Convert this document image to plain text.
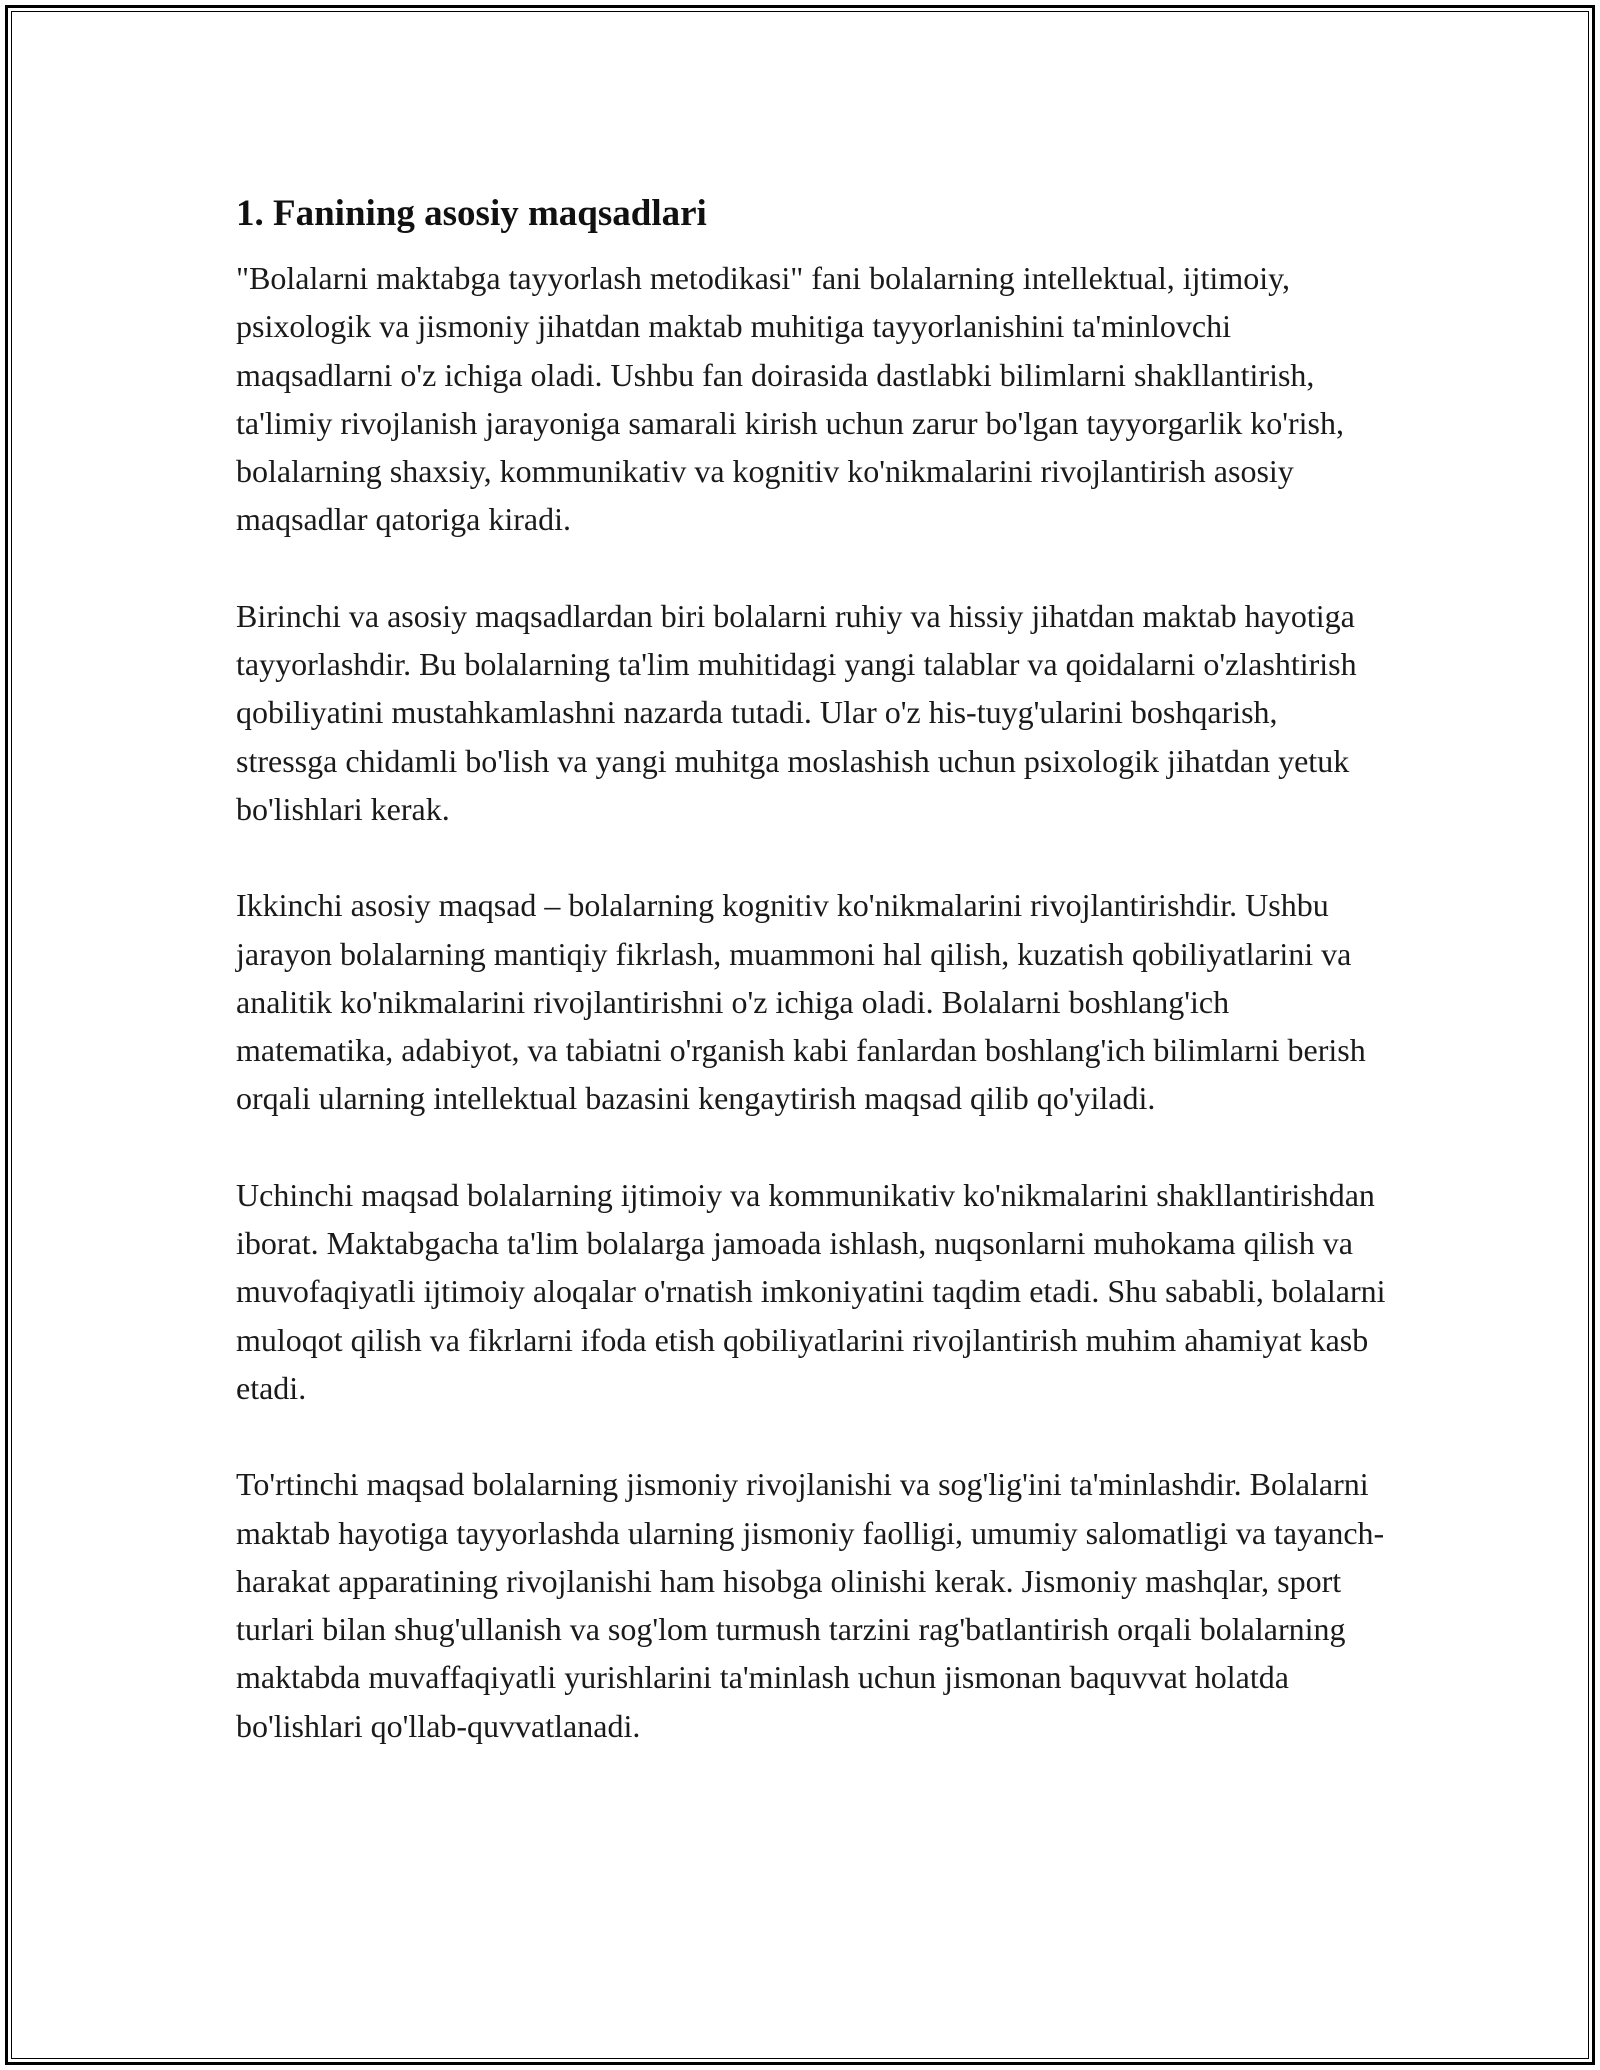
1. Fanining asosiy maqsadlari

"Bolalarni maktabga tayyorlash metodikasi" fani bolalarning intellektual, ijtimoiy, psixologik va jismoniy jihatdan maktab muhitiga tayyorlanishini ta'minlovchi maqsadlarni o'z ichiga oladi. Ushbu fan doirasida dastlabki bilimlarni shakllantirish, ta'limiy rivojlanish jarayoniga samarali kirish uchun zarur bo'lgan tayyorgarlik ko'rish, bolalarning shaxsiy, kommunikativ va kognitiv ko'nikmalarini rivojlantirish asosiy maqsadlar qatoriga kiradi.

Birinchi va asosiy maqsadlardan biri bolalarni ruhiy va hissiy jihatdan maktab hayotiga tayyorlashdir. Bu bolalarning ta'lim muhitidagi yangi talablar va qoidalarni o'zlashtirish qobiliyatini mustahkamlashni nazarda tutadi. Ular o'z his-tuyg'ularini boshqarish, stressga chidamli bo'lish va yangi muhitga moslashish uchun psixologik jihatdan yetuk bo'lishlari kerak.

Ikkinchi asosiy maqsad – bolalarning kognitiv ko'nikmalarini rivojlantirishdir. Ushbu jarayon bolalarning mantiqiy fikrlash, muammoni hal qilish, kuzatish qobiliyatlarini va analitik ko'nikmalarini rivojlantirishni o'z ichiga oladi. Bolalarni boshlang'ich matematika, adabiyot, va tabiatni o'rganish kabi fanlardan boshlang'ich bilimlarni berish orqali ularning intellektual bazasini kengaytirish maqsad qilib qo'yiladi.

Uchinchi maqsad bolalarning ijtimoiy va kommunikativ ko'nikmalarini shakllantirishdan iborat. Maktabgacha ta'lim bolalarga jamoada ishlash, nuqsonlarni muhokama qilish va muvofaqiyatli ijtimoiy aloqalar o'rnatish imkoniyatini taqdim etadi. Shu sababli, bolalarni muloqot qilish va fikrlarni ifoda etish qobiliyatlarini rivojlantirish muhim ahamiyat kasb etadi.

To'rtinchi maqsad bolalarning jismoniy rivojlanishi va sog'lig'ini ta'minlashdir. Bolalarni maktab hayotiga tayyorlashda ularning jismoniy faolligi, umumiy salomatligi va tayanch-harakat apparatining rivojlanishi ham hisobga olinishi kerak. Jismoniy mashqlar, sport turlari bilan shug'ullanish va sog'lom turmush tarzini rag'batlantirish orqali bolalarning maktabda muvaffaqiyatli yurishlarini ta'minlash uchun jismonan baquvvat holatda bo'lishlari qo'llab-quvvatlanadi.
